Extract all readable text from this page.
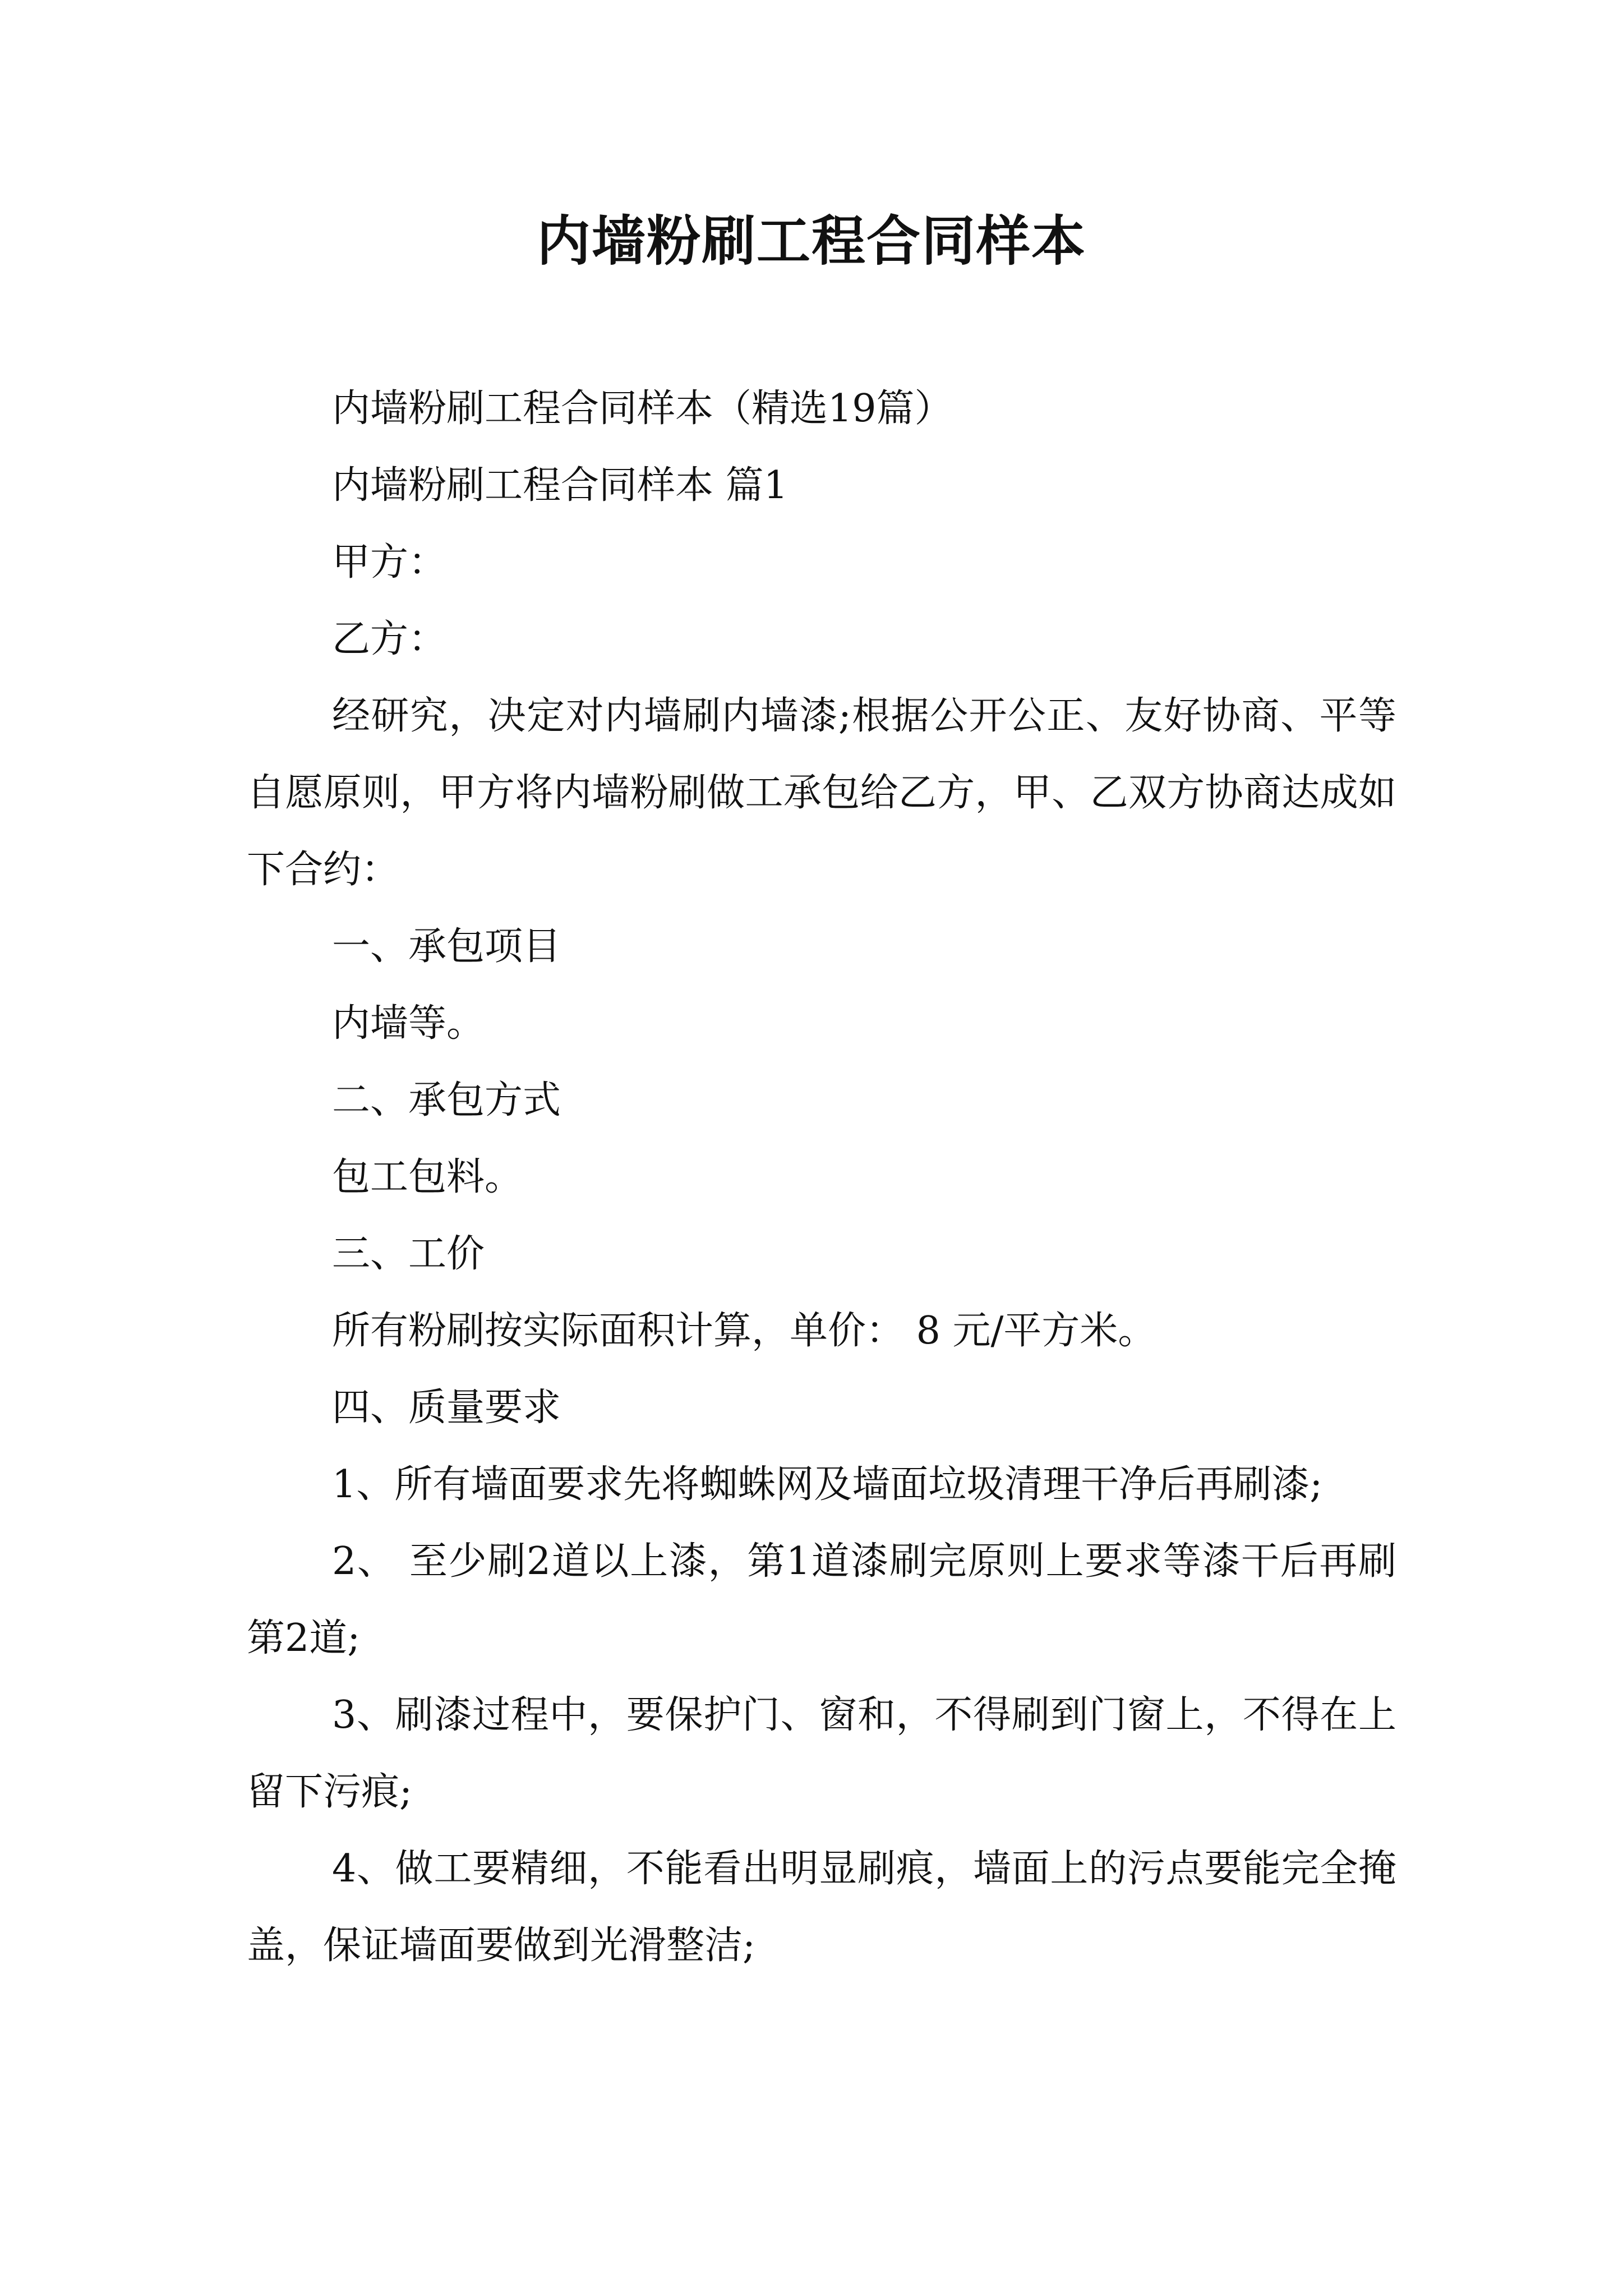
内墙粉刷工程合同样本

内墙粉刷工程合同样本（精选19篇）

内墙粉刷工程合同样本 篇1

甲方：

乙方：

经研究，决定对内墙刷内墙漆;根据公开公正、友好协商、平等自愿原则，甲方将内墙粉刷做工承包给乙方，甲、乙双方协商达成如下合约：

一、承包项目

内墙等。

二、承包方式

包工包料。

三、工价

所有粉刷按实际面积计算，单价： 8 元/平方米。

四、质量要求

1、所有墙面要求先将蜘蛛网及墙面垃圾清理干净后再刷漆;

2、 至少刷2道以上漆，第1道漆刷完原则上要求等漆干后再刷第2道;

3、刷漆过程中，要保护门、窗和，不得刷到门窗上，不得在上留下污痕;

4、做工要精细，不能看出明显刷痕，墙面上的污点要能完全掩盖，保证墙面要做到光滑整洁;
